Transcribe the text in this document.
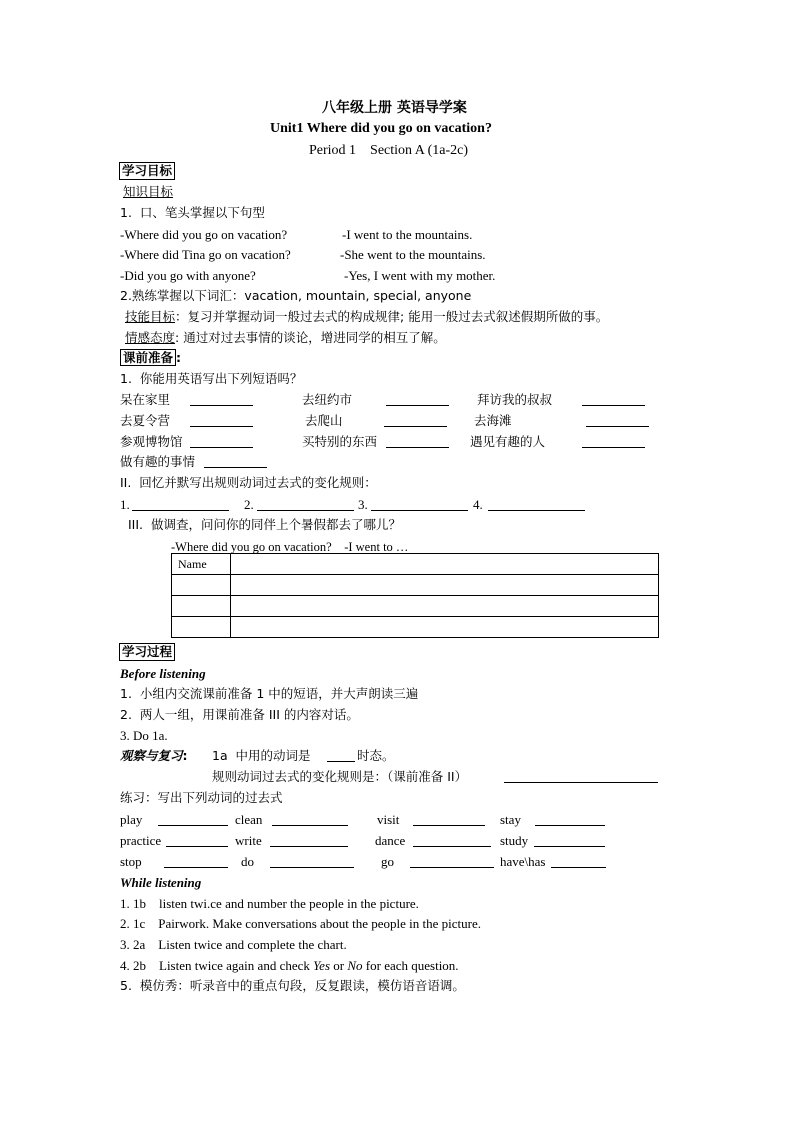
八年级上册 英语导学案
Unit1 Where did you go on vacation?
Period 1    Section A (1a-2c)
学习目标
知识目标
1.  口、笔头掌握以下句型
-Where did you go on vacation?	-I went to the mountains.
-Where did Tina go on vacation?	-She went to the mountains.
-Did you go with anyone?	-Yes, I went with my mother.
2.熟练掌握以下词汇：vacation, mountain, special, anyone
技能目标：复习并掌握动词一般过去式的构成规律; 能用一般过去式叙述假期所做的事。
情感态度: 通过对过去事情的谈论，增进同学的相互了解。
课前准备 :
1.  你能用英语写出下列短语吗？
呆在家里	去纽约市	拜访我的叔叔
去夏令营	去爬山	去海滩
参观博物馆	买特别的东西	遇见有趣的人
做有趣的事情
II.  回忆并默写出规则动词过去式的变化规则：
1.	2.	3.	4.
III.  做调查，问问你的同伴上个暑假都去了哪儿？
-Where did you go on vacation?    -I went to …
Name	

学习过程
Before listening
1.  小组内交流课前准备 1 中的短语，并大声朗读三遍
2.  两人一组，用课前准备 III 的内容对话。
3. Do 1a.
观察与复习: 1a  中用的动词是	时态。
规则动词过去式的变化规则是：（课前准备 II）
练习：写出下列动词的过去式
play	clean	visit	stay
practice	write	dance	study
stop	do	go	have\has
While listening
1. 1b    listen twi.ce and number the people in the picture.
2. 1c    Pairwork. Make conversations about the people in the picture.
3. 2a    Listen twice and complete the chart.
4. 2b    Listen twice again and check Yes or No for each question.
5.  模仿秀：听录音中的重点句段，反复跟读，模仿语音语调。
